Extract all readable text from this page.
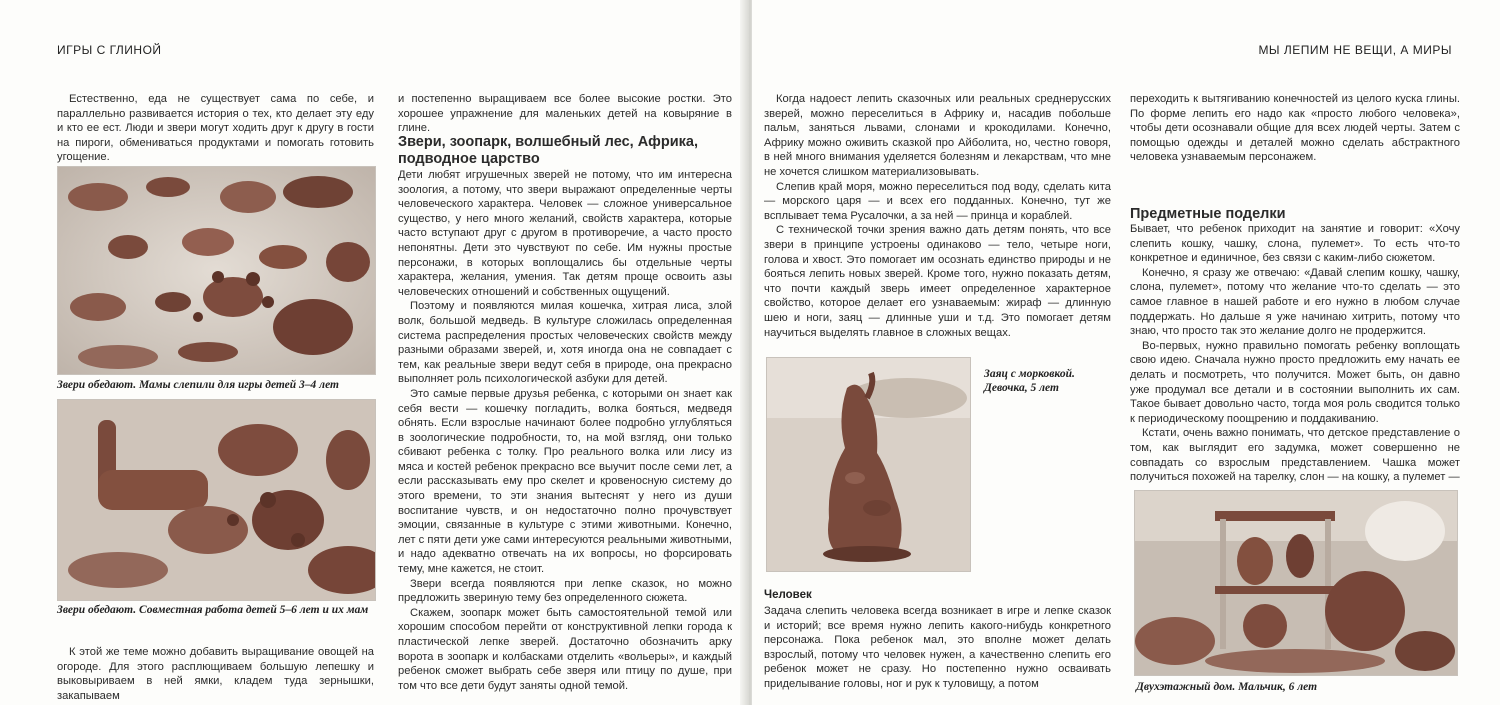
ИГРЫ С ГЛИНОЙ

Естественно, еда не существует сама по себе, и параллельно развивается история о тех, кто делает эту еду и кто ее ест. Люди и звери могут ходить друг к другу в гости на пироги, обмениваться продуктами и помогать готовить угощение.

Звери обедают. Мамы слепили для игры детей 3–4 лет
Звери обедают. Совместная работа детей 5–6 лет и их мам

К этой же теме можно добавить выращивание овощей на огороде. Для этого расплющиваем большую лепешку и выковыриваем в ней ямки, кладем туда зернышки, закапываем

и постепенно выращиваем все более высокие ростки. Это хорошее упражнение для маленьких детей на ковыряние в глине.

Звери, зоопарк, волшебный лес, Африка, подводное царство

Дети любят игрушечных зверей не потому, что им интересна зоология, а потому, что звери выражают определенные черты человеческого характера. Человек — сложное универсальное существо, у него много желаний, свойств характера, которые часто вступают друг с другом в противоречие, а часто просто непонятны. Дети это чувствуют по себе. Им нужны простые персонажи, в которых воплощались бы отдельные черты характера, желания, умения. Так детям проще освоить азы человеческих отношений и собственных ощущений.

Поэтому и появляются милая кошечка, хитрая лиса, злой волк, большой медведь. В культуре сложилась определенная система распределения простых человеческих свойств между разными образами зверей, и, хотя иногда она не совпадает с тем, как реальные звери ведут себя в природе, она прекрасно выполняет роль психологической азбуки для детей.

Это самые первые друзья ребенка, с которыми он знает как себя вести — кошечку погладить, волка бояться, медведя обнять. Если взрослые начинают более подробно углубляться в зоологические подробности, то, на мой взгляд, они только сбивают ребенка с толку. Про реального волка или лису из мяса и костей ребенок прекрасно все выучит после семи лет, а если рассказывать ему про скелет и кровеносную систему до этого времени, то эти знания вытеснят у него из души воспитание чувств, и он недостаточно полно прочувствует эмоции, связанные в культуре с этими животными. Конечно, лет с пяти дети уже сами интересуются реальными животными, и надо адекватно отвечать на их вопросы, но форсировать тему, мне кажется, не стоит.

Звери всегда появляются при лепке сказок, но можно предложить звериную тему без определенного сюжета.

Скажем, зоопарк может быть самостоятельной темой или хорошим способом перейти от конструктивной лепки города к пластической лепке зверей. Достаточно обозначить арку ворота в зоопарк и колбасками отделить «вольеры», и каждый ребенок сможет выбрать себе зверя или птицу по душе, при том что все дети будут заняты одной темой.

МЫ ЛЕПИМ НЕ ВЕЩИ, А МИРЫ

Когда надоест лепить сказочных или реальных среднерусских зверей, можно переселиться в Африку и, насадив побольше пальм, заняться львами, слонами и крокодилами. Конечно, Африку можно оживить сказкой про Айболита, но, честно говоря, в ней много внимания уделяется болезням и лекарствам, что мне не хочется слишком материализовывать.

Слепив край моря, можно переселиться под воду, сделать кита — морского царя — и всех его подданных. Конечно, тут же всплывает тема Русалочки, а за ней — принца и кораблей.

С технической точки зрения важно дать детям понять, что все звери в принципе устроены одинаково — тело, четыре ноги, голова и хвост. Это помогает им осознать единство природы и не бояться лепить новых зверей. Кроме того, нужно показать детям, что почти каждый зверь имеет определенное характерное свойство, которое делает его узнаваемым: жираф — длинную шею и ноги, заяц — длинные уши и т.д. Это помогает детям научиться выделять главное в сложных вещах.

Заяц с морковкой. Девочка, 5 лет
Человек

Задача слепить человека всегда возникает в игре и лепке сказок и историй; все время нужно лепить какого-нибудь конкретного персонажа. Пока ребенок мал, это вполне может делать взрослый, потому что человек нужен, а качественно слепить его ребенок может не сразу. Но постепенно нужно осваивать приделывание головы, ног и рук к туловищу, а потом

переходить к вытягиванию конечностей из целого куска глины. По форме лепить его надо как «просто любого человека», чтобы дети осознавали общие для всех людей черты. Затем с помощью одежды и деталей можно сделать абстрактного человека узнаваемым персонажем.

Предметные поделки

Бывает, что ребенок приходит на занятие и говорит: «Хочу слепить кошку, чашку, слона, пулемет». То есть что-то конкретное и единичное, без связи с каким-либо сюжетом.

Конечно, я сразу же отвечаю: «Давай слепим кошку, чашку, слона, пулемет», потому что желание что-то сделать — это самое главное в нашей работе и его нужно в любом случае поддержать. Но дальше я уже начинаю хитрить, потому что знаю, что просто так это желание долго не продержится.

Во-первых, нужно правильно помогать ребенку воплощать свою идею. Сначала нужно просто предложить ему начать ее делать и посмотреть, что получится. Может быть, он давно уже продумал все детали и в состоянии выполнить их сам. Такое бывает довольно часто, тогда моя роль сводится только к периодическому поощрению и поддакиванию.

Кстати, очень важно понимать, что детское представление о том, как выглядит его задумка, может совершенно не совпадать со взрослым представлением. Чашка может получиться похожей на тарелку, слон — на кошку, а пулемет —

Двухэтажный дом. Мальчик, 6 лет
